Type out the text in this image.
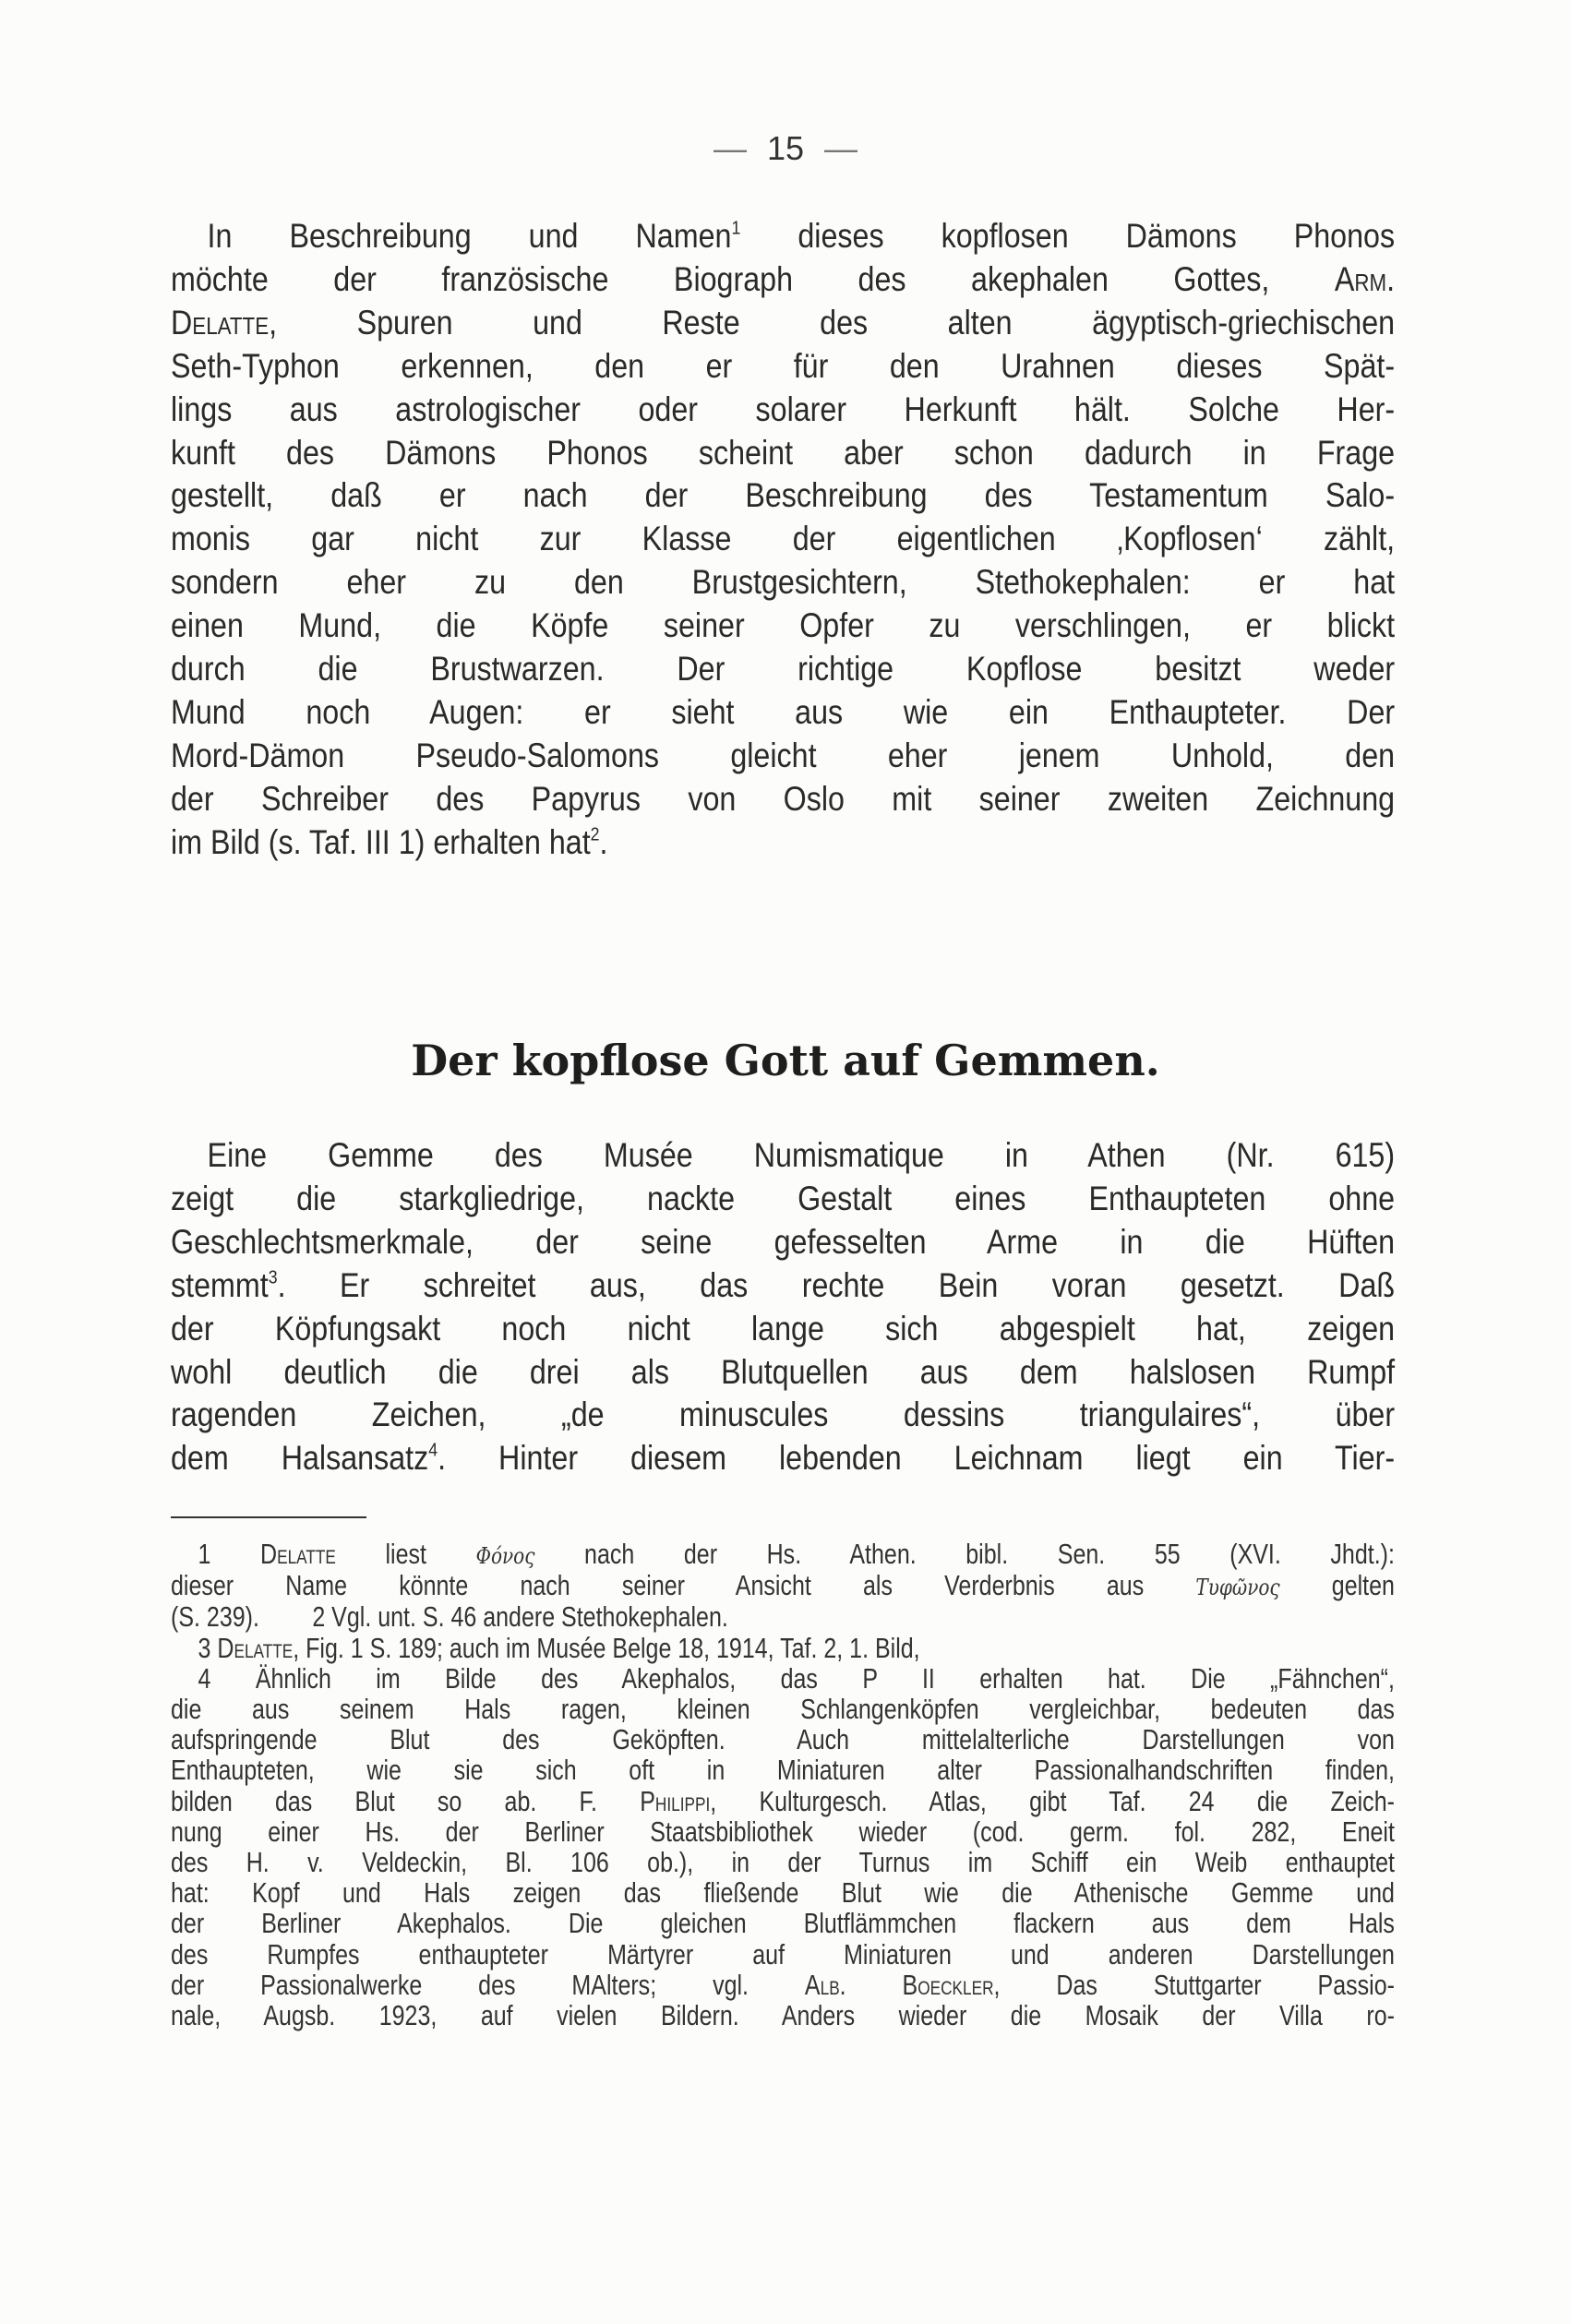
— 15 —
In Beschreibung und Namen$^1$ dieses kopflosen Dämons Phonos
möchte der französische Biograph des akephalen Gottes, Arm.
Delatte, Spuren und Reste des alten ägyptisch-griechischen
Seth-Typhon erkennen, den er für den Urahnen dieses Spät-
lings aus astrologischer oder solarer Herkunft hält. Solche Her-
kunft des Dämons Phonos scheint aber schon dadurch in Frage
gestellt, daß er nach der Beschreibung des Testamentum Salo-
monis gar nicht zur Klasse der eigentlichen ‚Kopflosen‘ zählt,
sondern eher zu den Brustgesichtern, Stethokephalen: er hat
einen Mund, die Köpfe seiner Opfer zu verschlingen, er blickt
durch die Brustwarzen. Der richtige Kopflose besitzt weder
Mund noch Augen: er sieht aus wie ein Enthaupteter. Der
Mord-Dämon Pseudo-Salomons gleicht eher jenem Unhold, den
der Schreiber des Papyrus von Oslo mit seiner zweiten Zeichnung
im Bild (s. Taf. III 1) erhalten hat$^2$.
Der kopflose Gott auf Gemmen.
Eine Gemme des Musée Numismatique in Athen (Nr. 615)
zeigt die starkgliedrige, nackte Gestalt eines Enthaupteten ohne
Geschlechtsmerkmale, der seine gefesselten Arme in die Hüften
stemmt$^3$. Er schreitet aus, das rechte Bein voran gesetzt. Daß
der Köpfungsakt noch nicht lange sich abgespielt hat, zeigen
wohl deutlich die drei als Blutquellen aus dem halslosen Rumpf
ragenden Zeichen, „de minuscules dessins triangulaires“, über
dem Halsansatz$^4$. Hinter diesem lebenden Leichnam liegt ein Tier-
1 Delatte liest Φόνος nach der Hs. Athen. bibl. Sen. 55 (XVI. Jhdt.):
dieser Name könnte nach seiner Ansicht als Verderbnis aus Τυφῶνος gelten
(S. 239). 2 Vgl. unt. S. 46 andere Stethokephalen.
3 Delatte, Fig. 1 S. 189; auch im Musée Belge 18, 1914, Taf. 2, 1. Bild,
4 Ähnlich im Bilde des Akephalos, das P II erhalten hat. Die „Fähnchen“,
die aus seinem Hals ragen, kleinen Schlangenköpfen vergleichbar, bedeuten das
aufspringende Blut des Geköpften. Auch mittelalterliche Darstellungen von
Enthaupteten, wie sie sich oft in Miniaturen alter Passionalhandschriften finden,
bilden das Blut so ab. F. Philippi, Kulturgesch. Atlas, gibt Taf. 24 die Zeich-
nung einer Hs. der Berliner Staatsbibliothek wieder (cod. germ. fol. 282, Eneit
des H. v. Veldeckin, Bl. 106 ob.), in der Turnus im Schiff ein Weib enthauptet
hat: Kopf und Hals zeigen das fließende Blut wie die Athenische Gemme und
der Berliner Akephalos. Die gleichen Blutflämmchen flackern aus dem Hals
des Rumpfes enthaupteter Märtyrer auf Miniaturen und anderen Darstellungen
der Passionalwerke des MAlters; vgl. Alb. Boeckler, Das Stuttgarter Passio-
nale, Augsb. 1923, auf vielen Bildern. Anders wieder die Mosaik der Villa ro-
